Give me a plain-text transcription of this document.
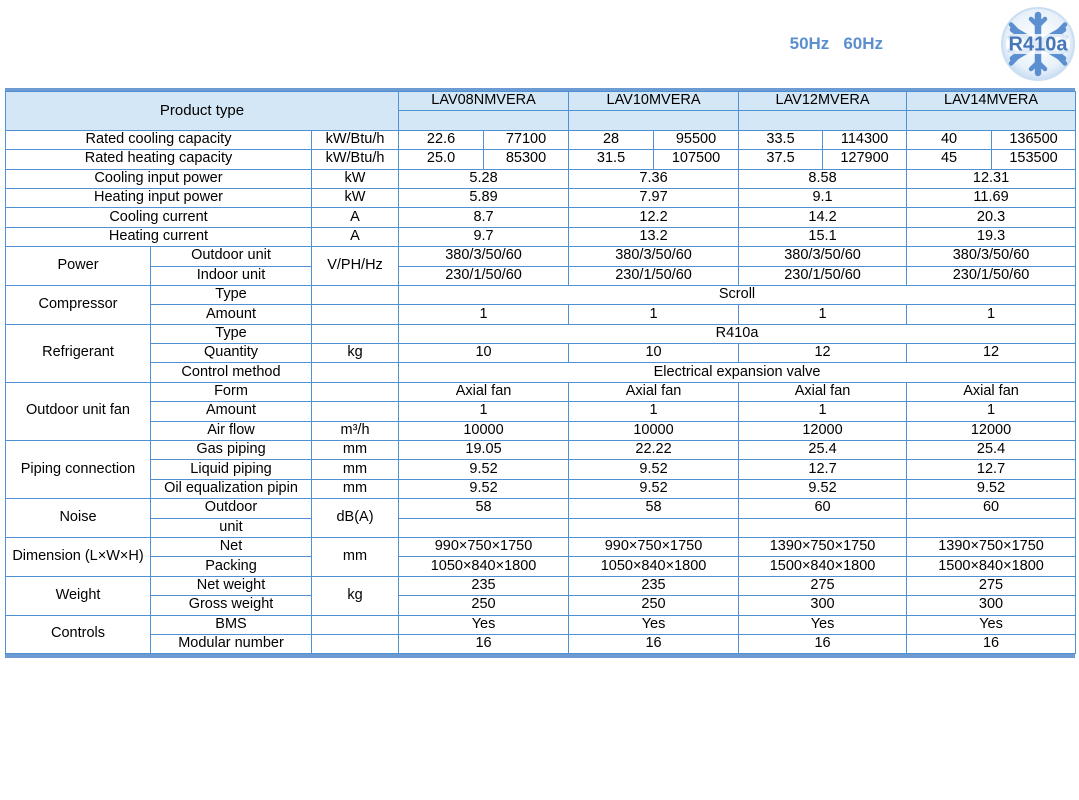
50Hz 60Hz	R410a
Product type			LAV08NMVERA		LAV10MVERA		LAV12MVERA		LAV14MVERA	

Rated cooling capacity		kW/Btu/h	22.6	77100	28	95500	33.5	114300	40	136500
Rated heating capacity		kW/Btu/h	25.0	85300	31.5	107500	37.5	127900	45	153500
Cooling input power		kW	5.28		7.36		8.58		12.31	
Heating input power		kW	5.89		7.97		9.1		11.69	
Cooling current		A	8.7		12.2		14.2		20.3	
Heating current		A	9.7		13.2		15.1		19.3	
Power	Outdoor unit	V/PH/Hz	380/3/50/60		380/3/50/60		380/3/50/60		380/3/50/60	
	Indoor unit		230/1/50/60		230/1/50/60		230/1/50/60		230/1/50/60	
Compressor	Type		Scroll							
	Amount		1		1		1		1	
Refrigerant	Type		R410a							
	Quantity	kg	10		10		12		12	
	Control method		Electrical expansion valve							
Outdoor unit fan	Form		Axial fan		Axial fan		Axial fan		Axial fan	
	Amount		1		1		1		1	
	Air flow	m³/h	10000		10000		12000		12000	
Piping connection	Gas piping	mm	19.05		22.22		25.4		25.4	
	Liquid piping	mm	9.52		9.52		12.7		12.7	
	Oil equalization pipin	mm	9.52		9.52		9.52		9.52	
Noise	Outdoor	dB(A)	58		58		60		60	
	unit									
Dimension (L×W×H)	Net	mm	990×750×1750		990×750×1750		1390×750×1750		1390×750×1750	
	Packing		1050×840×1800		1050×840×1800		1500×840×1800		1500×840×1800	
Weight	Net weight	kg	235		235		275		275	
	Gross weight		250		250		300		300	
Controls	BMS		Yes		Yes		Yes		Yes	
	Modular number		16		16		16		16	
